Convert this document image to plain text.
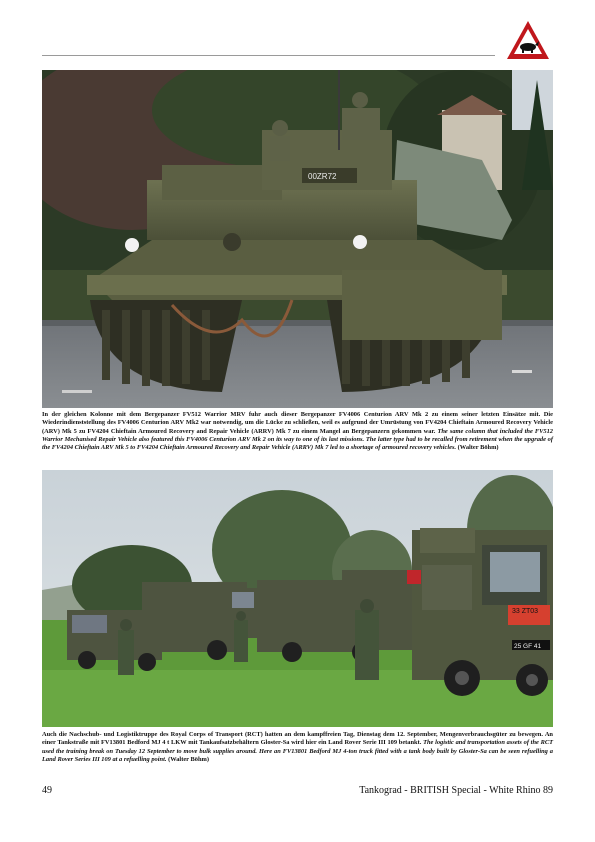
00ZR72

In der gleichen Kolonne mit dem Bergepanzer FV512 Warrior MRV fuhr auch dieser Bergepanzer FV4006 Centurion ARV Mk 2 zu einem seiner letzten Einsätze mit. Die Wiederindienststellung des FV4006 Centurion ARV Mk2 war notwendig, um die Lücke zu schließen, weil es aufgrund der Umrüstung von FV4204 Chieftain Armoured Recovery Vehicle (ARV) Mk 5 zu FV4204 Chieftain Armoured Recovery and Repair Vehicle (ARRV) Mk 7 zu einem Mangel an Bergepanzern gekommen war. The same column that included the FV512 Warrior Mechanised Repair Vehicle also featured this FV4006 Centurion ARV Mk 2 on its way to one of its last missions. The latter type had to be recalled from retirement when the upgrade of the FV4204 Chieftain ARV Mk 5 to FV4204 Chieftain Armoured Recovery and Repair Vehicle (ARRV) Mk 7 led to a shortage of armoured recovery vehicles. (Walter Böhm)

33 ZT03
25 GF 41

Auch die Nachschub- und Logistiktruppe des Royal Corps of Transport (RCT) hatten an dem kampffreien Tag, Dienstag dem 12. September, Mengenverbrauchsgüter zu bewegen. An einer Tankstraße mit FV13801 Bedford MJ 4 t LKW mit Tankaufsatzbehältern Gloster-Sa wird hier ein Land Rover Serie III 109 betankt. The logistic and transportation assets of the RCT used the training break on Tuesday 12 September to move bulk supplies around. Here an FV13801 Bedford MJ 4-ton truck fitted with a tank body built by Gloster-Sa can be seen refuelling a Land Rover Series III 109 at a refuelling point. (Walter Böhm)

49	Tankograd - BRITISH Special - White Rhino 89
